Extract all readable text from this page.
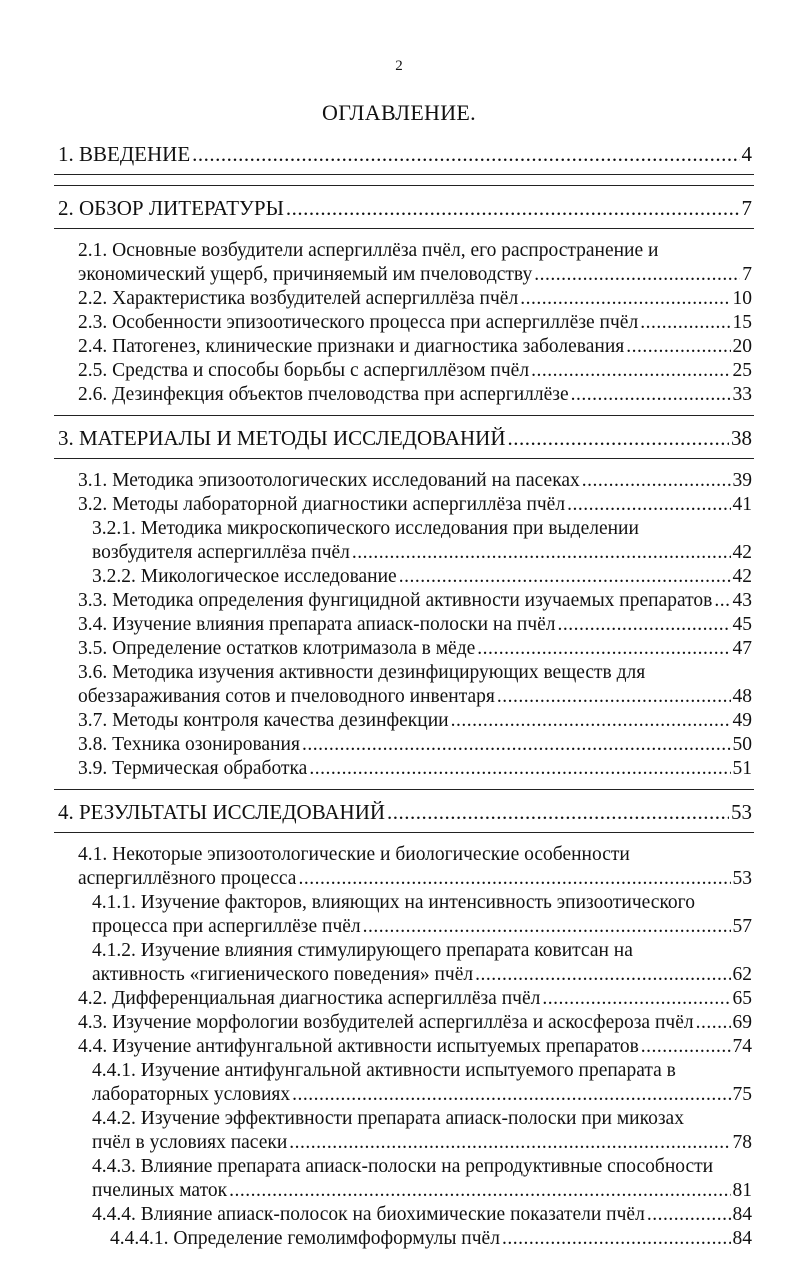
2
ОГЛАВЛЕНИЕ.
1. ВВЕДЕНИЕ .....	4
2. ОБЗОР ЛИТЕРАТУРЫ .....	7
2.1. Основные возбудители аспергиллёза пчёл, его распространение и
экономический ущерб, причиняемый им пчеловодству .....	7
2.2. Характеристика возбудителей аспергиллёза пчёл .....	10
2.3. Особенности эпизоотического процесса при аспергиллёзе пчёл .....	15
2.4. Патогенез, клинические признаки и диагностика заболевания .....	20
2.5. Средства и способы борьбы с аспергиллёзом пчёл .....	25
2.6. Дезинфекция объектов пчеловодства при аспергиллёзе .....	33
3. МАТЕРИАЛЫ И МЕТОДЫ ИССЛЕДОВАНИЙ .....	38
3.1. Методика эпизоотологических исследований на пасеках .....	39
3.2. Методы лабораторной диагностики аспергиллёза пчёл .....	41
3.2.1. Методика микроскопического исследования при выделении
возбудителя аспергиллёза пчёл .....	42
3.2.2. Микологическое исследование .....	42
3.3. Методика определения фунгицидной активности изучаемых препаратов ..... 43
3.4. Изучение влияния препарата апиаск-полоски на пчёл .....	45
3.5. Определение остатков клотримазола в мёде .....	47
3.6. Методика изучения активности дезинфицирующих веществ для
обеззараживания сотов и пчеловодного инвентаря .....	48
3.7. Методы контроля качества дезинфекции .....	49
3.8. Техника озонирования .....	50
3.9. Термическая обработка .....	51
4. РЕЗУЛЬТАТЫ ИССЛЕДОВАНИЙ .....	53
4.1. Некоторые эпизоотологические и биологические особенности
аспергиллёзного процесса .....	53
4.1.1. Изучение факторов, влияющих на интенсивность эпизоотического
процесса при аспергиллёзе пчёл .....	57
4.1.2. Изучение влияния стимулирующего препарата ковитсан на
активность «гигиенического поведения» пчёл .....	62
4.2. Дифференциальная диагностика аспергиллёза пчёл .....	65
4.3. Изучение морфологии возбудителей аспергиллёза и аскосфероза пчёл ..... 69
4.4. Изучение антифунгальной активности испытуемых препаратов .....	74
4.4.1. Изучение антифунгальной активности испытуемого препарата в
лабораторных условиях .....	75
4.4.2. Изучение эффективности препарата апиаск-полоски при микозах
пчёл в условиях пасеки .....	78
4.4.3. Влияние препарата апиаск-полоски на репродуктивные способности
пчелиных маток .....	81
4.4.4. Влияние апиаск-полосок на биохимические показатели пчёл .....	84
4.4.4.1. Определение гемолимфоформулы пчёл .....	84
